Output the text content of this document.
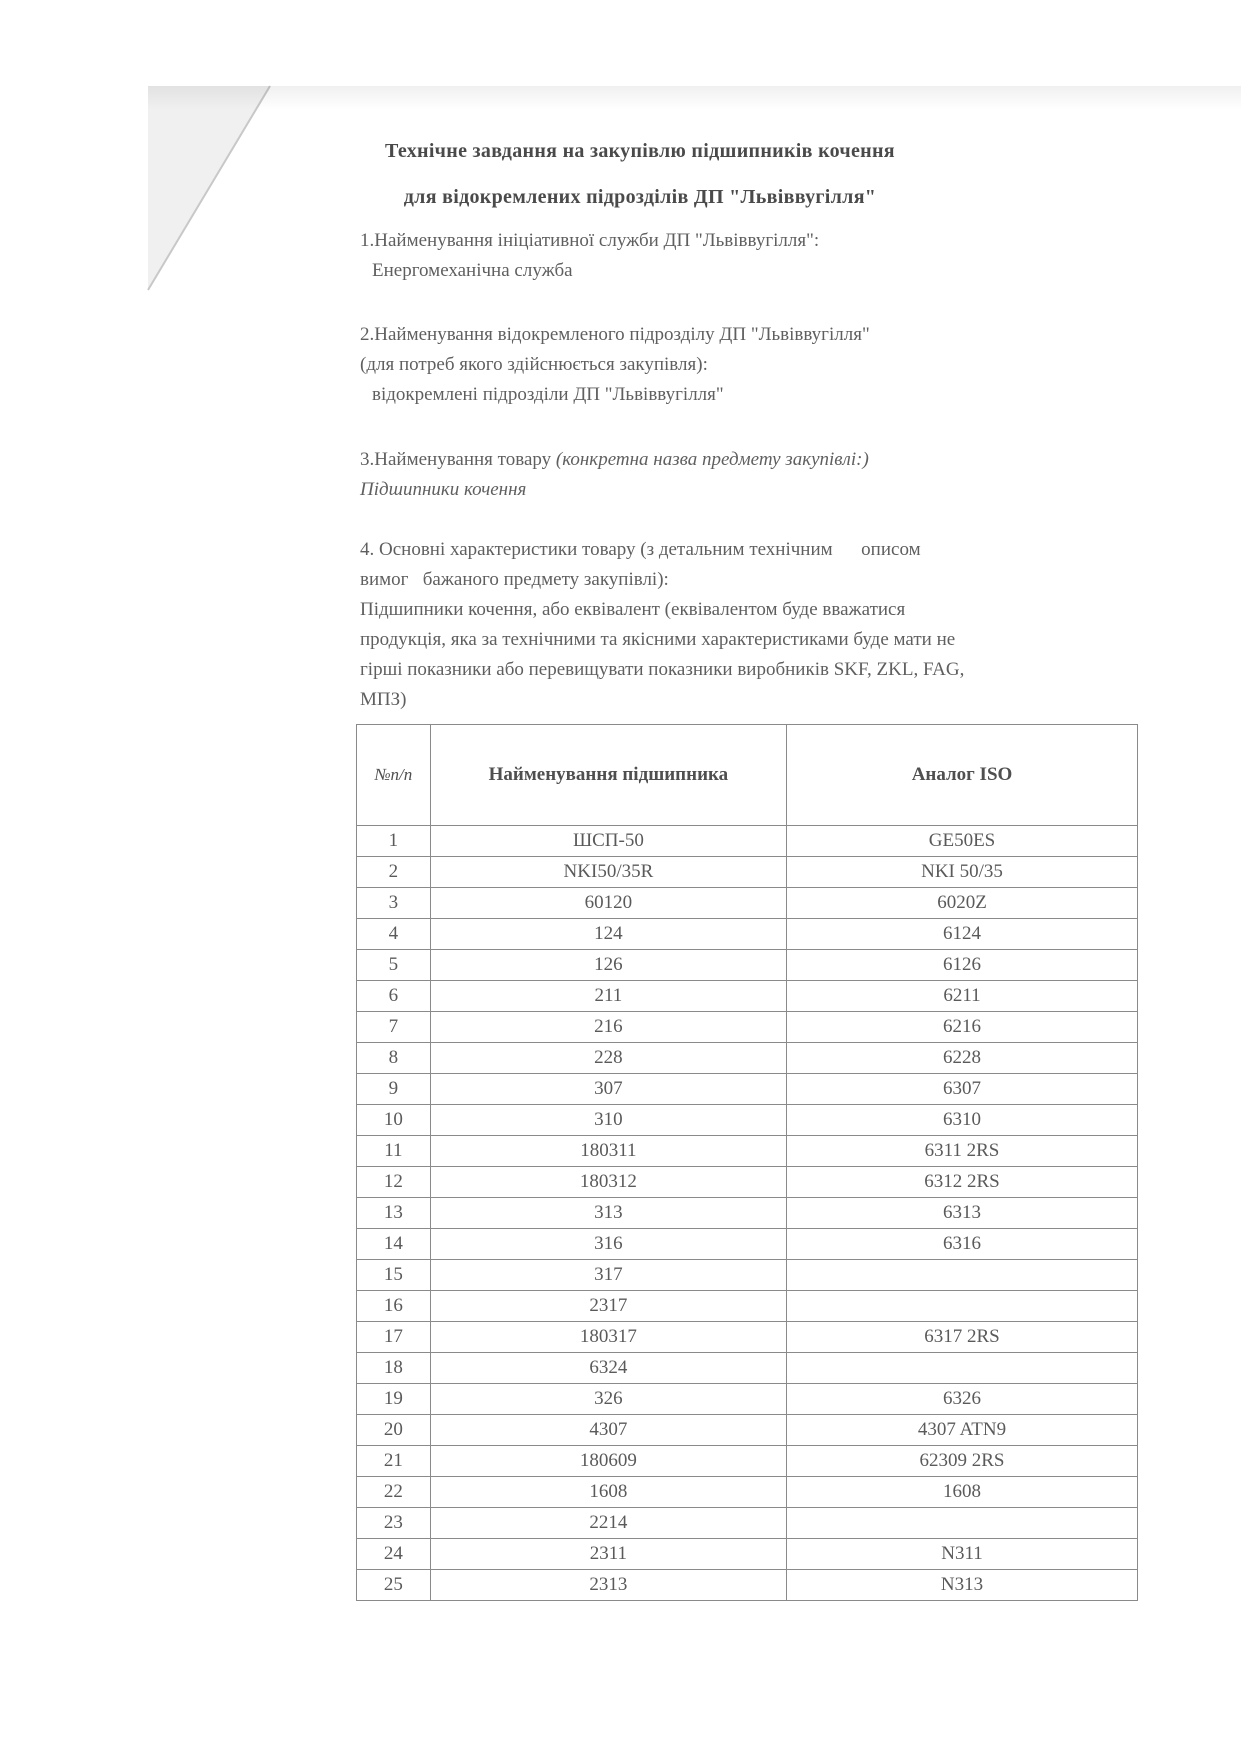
Технічне завдання на закупівлю підшипників кочення
для відокремлених підрозділів ДП "Львіввугілля"
1.Найменування ініціативної служби ДП "Львіввугілля":
Енергомеханічна служба
2.Найменування відокремленого підрозділу ДП "Львіввугілля"
(для потреб якого здійснюється закупівля):
відокремлені підрозділи ДП "Львіввугілля"
3.Найменування товару (конкретна назва предмету закупівлі:)
Підшипники кочення
4. Основні характеристики товару (з детальним технічним      описом
вимог   бажаного предмету закупівлі):
Підшипники кочення, або еквівалент (еквівалентом буде вважатися
продукція, яка за технічними та якісними характеристиками буде мати не
гірші показники або перевищувати показники виробників SKF, ZKL, FAG,
МПЗ)
№п/п	Найменування підшипника	Аналог ISO
1	ШСП-50	GE50ES
2	NKI50/35R	NKI 50/35
3	60120	6020Z
4	124	6124
5	126	6126
6	211	6211
7	216	6216
8	228	6228
9	307	6307
10	310	6310
11	180311	6311 2RS
12	180312	6312 2RS
13	313	6313
14	316	6316
15	317	
16	2317	
17	180317	6317 2RS
18	6324	
19	326	6326
20	4307	4307 ATN9
21	180609	62309 2RS
22	1608	1608
23	2214	
24	2311	N311
25	2313	N313
